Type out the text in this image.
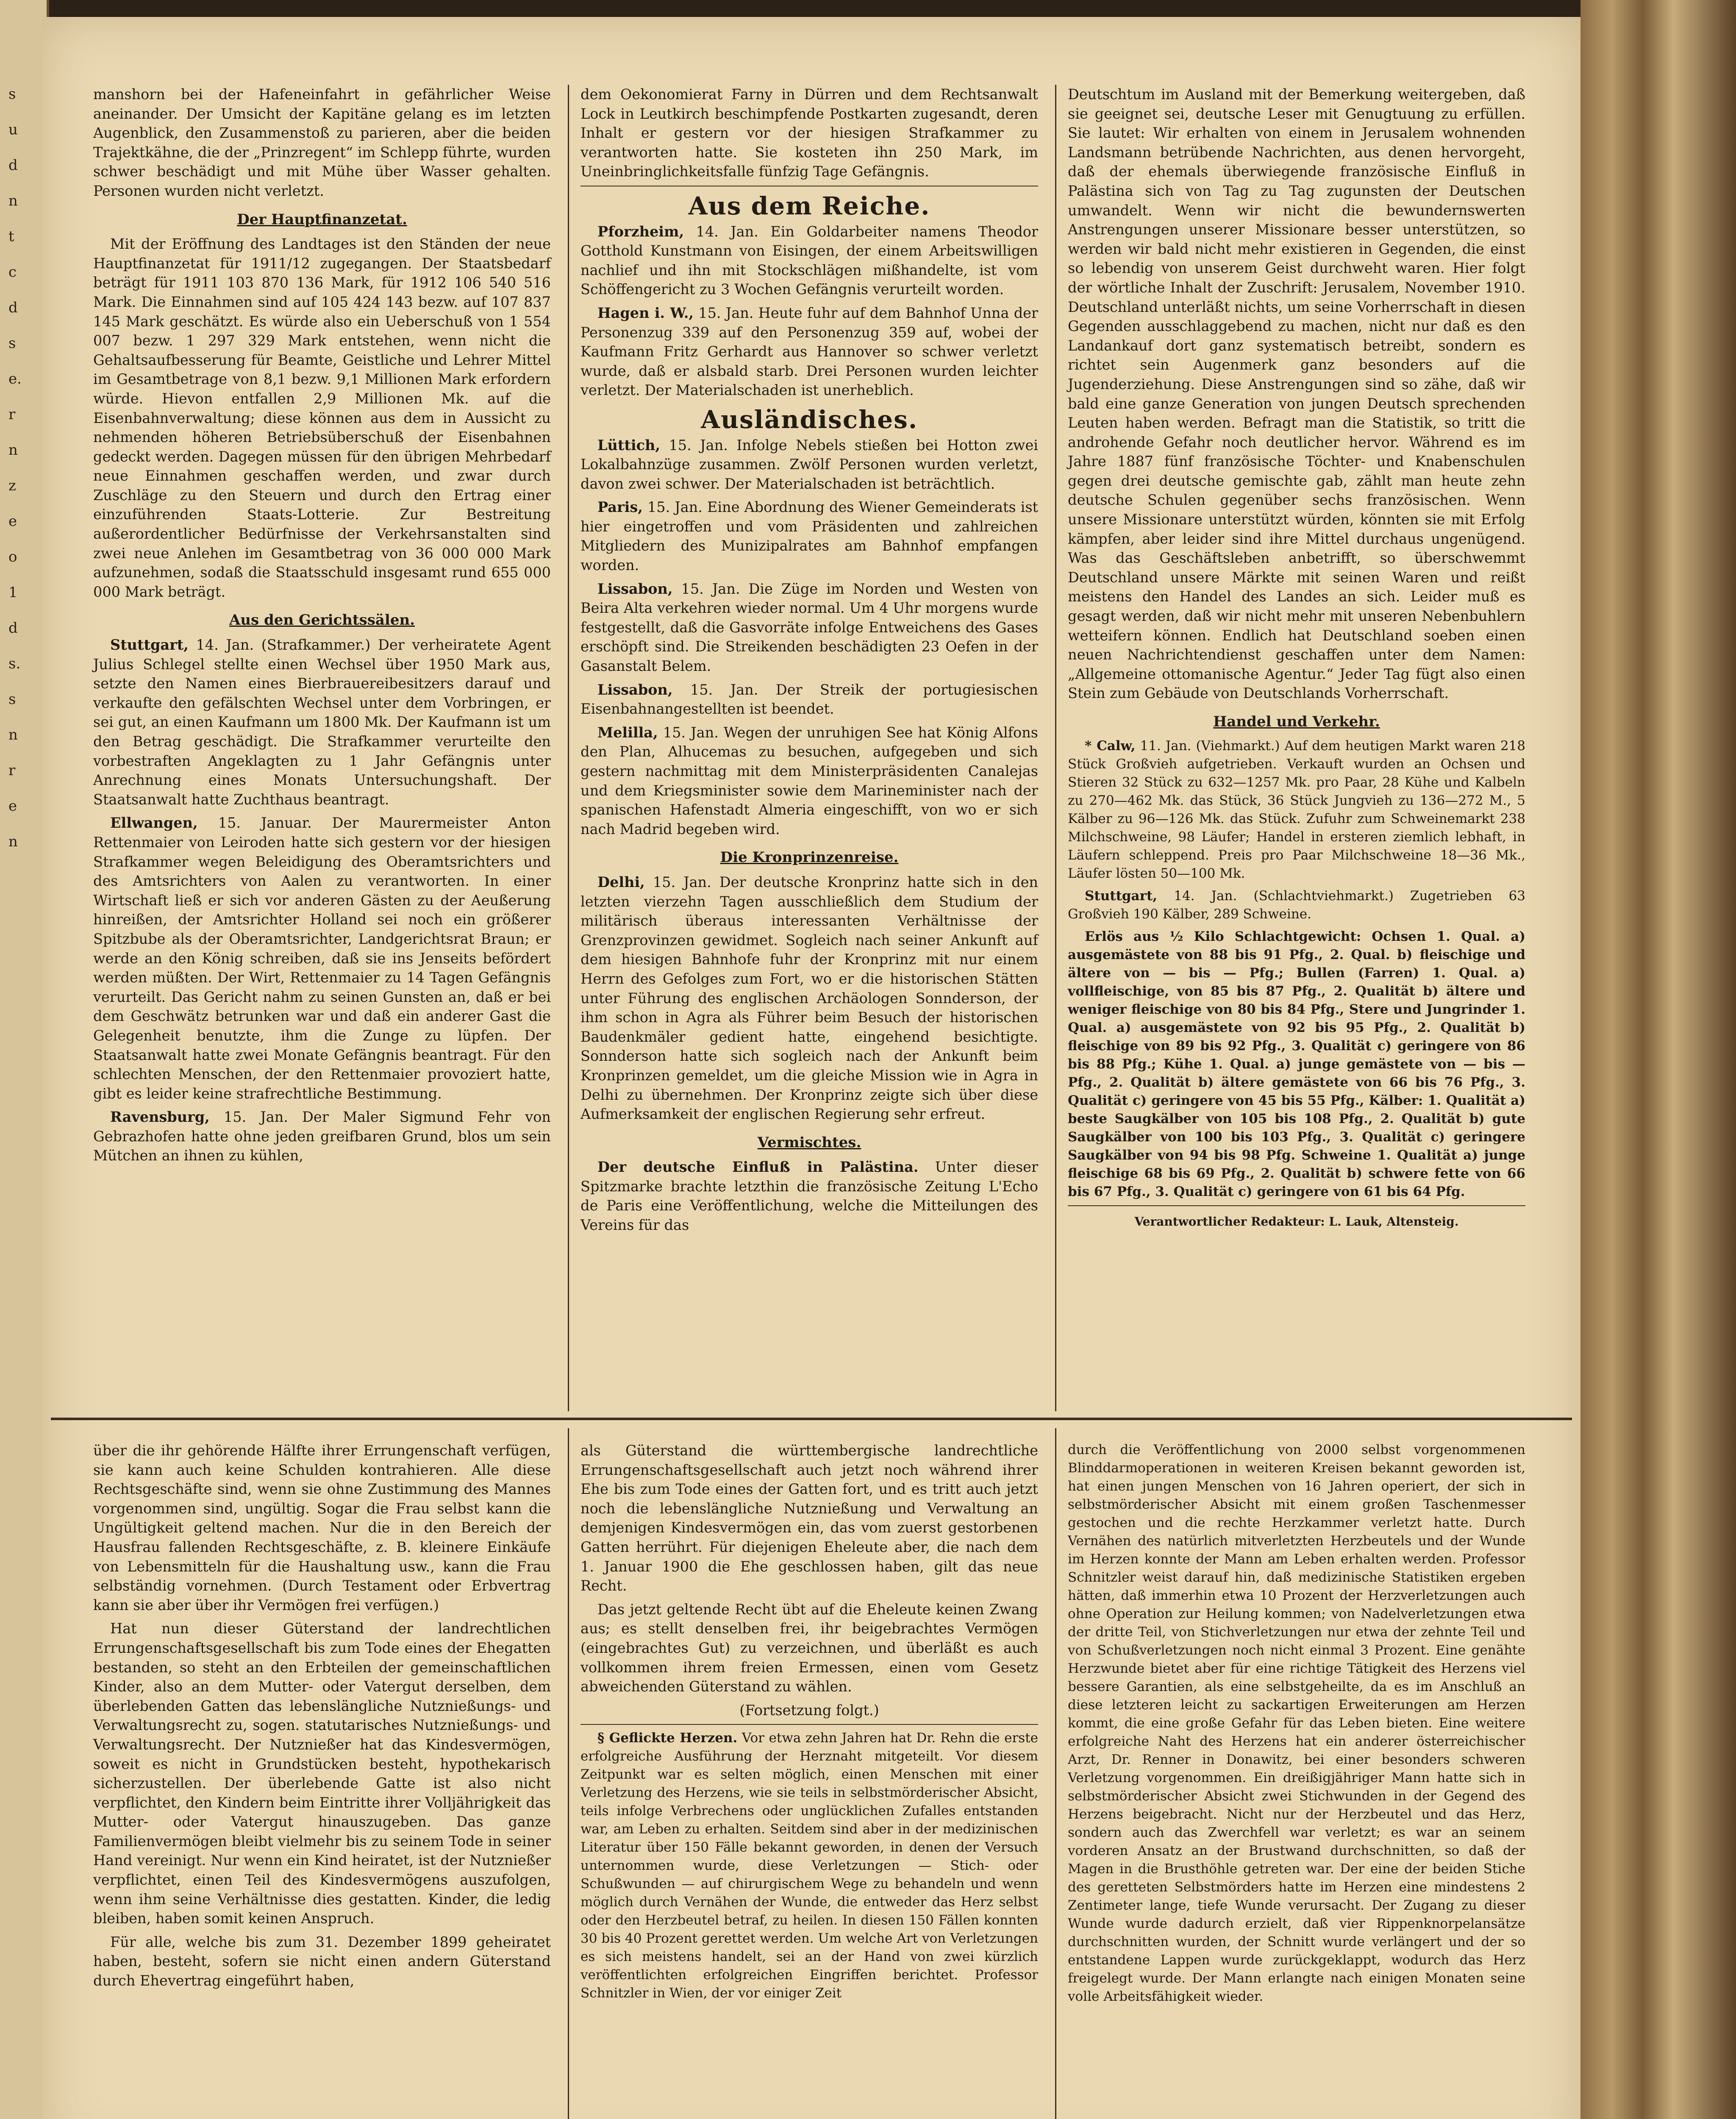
s
u
d
n
t
c
d
s
e.
r
n
z
e
o
1
d
s.
s
n
r
e
n

manshorn bei der Hafeneinfahrt in gefährlicher Weise aneinander. Der Umsicht der Kapitäne gelang es im letzten Augenblick, den Zusammenstoß zu parieren, aber die beiden Trajektkähne, die der „Prinzregent“ im Schlepp führte, wurden schwer beschädigt und mit Mühe über Wasser gehalten. Personen wurden nicht verletzt.

Der Hauptfinanzetat.

Mit der Eröffnung des Landtages ist den Ständen der neue Hauptfinanzetat für 1911/12 zugegangen. Der Staatsbedarf beträgt für 1911 103 870 136 Mark, für 1912 106 540 516 Mark. Die Einnahmen sind auf 105 424 143 bezw. auf 107 837 145 Mark geschätzt. Es würde also ein Ueberschuß von 1 554 007 bezw. 1 297 329 Mark entstehen, wenn nicht die Gehaltsaufbesserung für Beamte, Geistliche und Lehrer Mittel im Gesamtbetrage von 8,1 bezw. 9,1 Millionen Mark erfordern würde. Hievon entfallen 2,9 Millionen Mk. auf die Eisenbahnverwaltung; diese können aus dem in Aussicht zu nehmenden höheren Betriebsüberschuß der Eisenbahnen gedeckt werden. Dagegen müssen für den übrigen Mehrbedarf neue Einnahmen geschaffen werden, und zwar durch Zuschläge zu den Steuern und durch den Ertrag einer einzuführenden Staats-Lotterie. Zur Bestreitung außerordentlicher Bedürfnisse der Verkehrsanstalten sind zwei neue Anlehen im Gesamtbetrag von 36 000 000 Mark aufzunehmen, sodaß die Staatsschuld insgesamt rund 655 000 000 Mark beträgt.

Aus den Gerichtssälen.

Stuttgart, 14. Jan. (Strafkammer.) Der verheiratete Agent Julius Schlegel stellte einen Wechsel über 1950 Mark aus, setzte den Namen eines Bierbrauereibesitzers darauf und verkaufte den gefälschten Wechsel unter dem Vorbringen, er sei gut, an einen Kaufmann um 1800 Mk. Der Kaufmann ist um den Betrag geschädigt. Die Strafkammer verurteilte den vorbestraften Angeklagten zu 1 Jahr Gefängnis unter Anrechnung eines Monats Untersuchungshaft. Der Staatsanwalt hatte Zuchthaus beantragt.

Ellwangen, 15. Januar. Der Maurermeister Anton Rettenmaier von Leiroden hatte sich gestern vor der hiesigen Strafkammer wegen Beleidigung des Oberamtsrichters und des Amtsrichters von Aalen zu verantworten. In einer Wirtschaft ließ er sich vor anderen Gästen zu der Aeußerung hinreißen, der Amtsrichter Holland sei noch ein größerer Spitzbube als der Oberamtsrichter, Landgerichtsrat Braun; er werde an den König schreiben, daß sie ins Jenseits befördert werden müßten. Der Wirt, Rettenmaier zu 14 Tagen Gefängnis verurteilt. Das Gericht nahm zu seinen Gunsten an, daß er bei dem Geschwätz betrunken war und daß ein anderer Gast die Gelegenheit benutzte, ihm die Zunge zu lüpfen. Der Staatsanwalt hatte zwei Monate Gefängnis beantragt. Für den schlechten Menschen, der den Rettenmaier provoziert hatte, gibt es leider keine strafrechtliche Bestimmung.

Ravensburg, 15. Jan. Der Maler Sigmund Fehr von Gebrazhofen hatte ohne jeden greifbaren Grund, blos um sein Mütchen an ihnen zu kühlen,

dem Oekonomierat Farny in Dürren und dem Rechtsanwalt Lock in Leutkirch beschimpfende Postkarten zugesandt, deren Inhalt er gestern vor der hiesigen Strafkammer zu verantworten hatte. Sie kosteten ihn 250 Mark, im Uneinbringlichkeitsfalle fünfzig Tage Gefängnis.

Aus dem Reiche.

Pforzheim, 14. Jan. Ein Goldarbeiter namens Theodor Gotthold Kunstmann von Eisingen, der einem Arbeitswilligen nachlief und ihn mit Stockschlägen mißhandelte, ist vom Schöffengericht zu 3 Wochen Gefängnis verurteilt worden.

Hagen i. W., 15. Jan. Heute fuhr auf dem Bahnhof Unna der Personenzug 339 auf den Personenzug 359 auf, wobei der Kaufmann Fritz Gerhardt aus Hannover so schwer verletzt wurde, daß er alsbald starb. Drei Personen wurden leichter verletzt. Der Materialschaden ist unerheblich.

Ausländisches.

Lüttich, 15. Jan. Infolge Nebels stießen bei Hotton zwei Lokalbahnzüge zusammen. Zwölf Personen wurden verletzt, davon zwei schwer. Der Materialschaden ist beträchtlich.

Paris, 15. Jan. Eine Abordnung des Wiener Gemeinderats ist hier eingetroffen und vom Präsidenten und zahlreichen Mitgliedern des Munizipalrates am Bahnhof empfangen worden.

Lissabon, 15. Jan. Die Züge im Norden und Westen von Beira Alta verkehren wieder normal. Um 4 Uhr morgens wurde festgestellt, daß die Gasvorräte infolge Entweichens des Gases erschöpft sind. Die Streikenden beschädigten 23 Oefen in der Gasanstalt Belem.

Lissabon, 15. Jan. Der Streik der portugiesischen Eisenbahnangestellten ist beendet.

Melilla, 15. Jan. Wegen der unruhigen See hat König Alfons den Plan, Alhucemas zu besuchen, aufgegeben und sich gestern nachmittag mit dem Ministerpräsidenten Canalejas und dem Kriegsminister sowie dem Marineminister nach der spanischen Hafenstadt Almeria eingeschifft, von wo er sich nach Madrid begeben wird.

Die Kronprinzenreise.

Delhi, 15. Jan. Der deutsche Kronprinz hatte sich in den letzten vierzehn Tagen ausschließlich dem Studium der militärisch überaus interessanten Verhältnisse der Grenzprovinzen gewidmet. Sogleich nach seiner Ankunft auf dem hiesigen Bahnhofe fuhr der Kronprinz mit nur einem Herrn des Gefolges zum Fort, wo er die historischen Stätten unter Führung des englischen Archäologen Sonnderson, der ihm schon in Agra als Führer beim Besuch der historischen Baudenkmäler gedient hatte, eingehend besichtigte. Sonnderson hatte sich sogleich nach der Ankunft beim Kronprinzen gemeldet, um die gleiche Mission wie in Agra in Delhi zu übernehmen. Der Kronprinz zeigte sich über diese Aufmerksamkeit der englischen Regierung sehr erfreut.

Vermischtes.

Der deutsche Einfluß in Palästina. Unter dieser Spitzmarke brachte letzthin die französische Zeitung L'Echo de Paris eine Veröffentlichung, welche die Mitteilungen des Vereins für das

Deutschtum im Ausland mit der Bemerkung weitergeben, daß sie geeignet sei, deutsche Leser mit Genugtuung zu erfüllen. Sie lautet: Wir erhalten von einem in Jerusalem wohnenden Landsmann betrübende Nachrichten, aus denen hervorgeht, daß der ehemals überwiegende französische Einfluß in Palästina sich von Tag zu Tag zugunsten der Deutschen umwandelt. Wenn wir nicht die bewundernswerten Anstrengungen unserer Missionare besser unterstützen, so werden wir bald nicht mehr existieren in Gegenden, die einst so lebendig von unserem Geist durchweht waren. Hier folgt der wörtliche Inhalt der Zuschrift: Jerusalem, November 1910. Deutschland unterläßt nichts, um seine Vorherrschaft in diesen Gegenden ausschlaggebend zu machen, nicht nur daß es den Landankauf dort ganz systematisch betreibt, sondern es richtet sein Augenmerk ganz besonders auf die Jugenderziehung. Diese Anstrengungen sind so zähe, daß wir bald eine ganze Generation von jungen Deutsch sprechenden Leuten haben werden. Befragt man die Statistik, so tritt die androhende Gefahr noch deutlicher hervor. Während es im Jahre 1887 fünf französische Töchter- und Knabenschulen gegen drei deutsche gemischte gab, zählt man heute zehn deutsche Schulen gegenüber sechs französischen. Wenn unsere Missionare unterstützt würden, könnten sie mit Erfolg kämpfen, aber leider sind ihre Mittel durchaus ungenügend. Was das Geschäftsleben anbetrifft, so überschwemmt Deutschland unsere Märkte mit seinen Waren und reißt meistens den Handel des Landes an sich. Leider muß es gesagt werden, daß wir nicht mehr mit unseren Nebenbuhlern wetteifern können. Endlich hat Deutschland soeben einen neuen Nachrichtendienst geschaffen unter dem Namen: „Allgemeine ottomanische Agentur.“ Jeder Tag fügt also einen Stein zum Gebäude von Deutschlands Vorherrschaft.

Handel und Verkehr.

* Calw, 11. Jan. (Viehmarkt.) Auf dem heutigen Markt waren 218 Stück Großvieh aufgetrieben. Verkauft wurden an Ochsen und Stieren 32 Stück zu 632—1257 Mk. pro Paar, 28 Kühe und Kalbeln zu 270—462 Mk. das Stück, 36 Stück Jungvieh zu 136—272 M., 5 Kälber zu 96—126 Mk. das Stück. Zufuhr zum Schweinemarkt 238 Milchschweine, 98 Läufer; Handel in ersteren ziemlich lebhaft, in Läufern schleppend. Preis pro Paar Milchschweine 18—36 Mk., Läufer lösten 50—100 Mk.

Stuttgart, 14. Jan. (Schlachtviehmarkt.) Zugetrieben 63 Großvieh 190 Kälber, 289 Schweine.

Erlös aus ½ Kilo Schlachtgewicht: Ochsen 1. Qual. a) ausgemästete von 88 bis 91 Pfg., 2. Qual. b) fleischige und ältere von — bis — Pfg.; Bullen (Farren) 1. Qual. a) vollfleischige, von 85 bis 87 Pfg., 2. Qualität b) ältere und weniger fleischige von 80 bis 84 Pfg., Stere und Jungrinder 1. Qual. a) ausgemästete von 92 bis 95 Pfg., 2. Qualität b) fleischige von 89 bis 92 Pfg., 3. Qualität c) geringere von 86 bis 88 Pfg.; Kühe 1. Qual. a) junge gemästete von — bis — Pfg., 2. Qualität b) ältere gemästete von 66 bis 76 Pfg., 3. Qualität c) geringere von 45 bis 55 Pfg., Kälber: 1. Qualität a) beste Saugkälber von 105 bis 108 Pfg., 2. Qualität b) gute Saugkälber von 100 bis 103 Pfg., 3. Qualität c) geringere Saugkälber von 94 bis 98 Pfg. Schweine 1. Qualität a) junge fleischige 68 bis 69 Pfg., 2. Qualität b) schwere fette von 66 bis 67 Pfg., 3. Qualität c) geringere von 61 bis 64 Pfg.

Verantwortlicher Redakteur: L. Lauk, Altensteig.

über die ihr gehörende Hälfte ihrer Errungenschaft verfügen, sie kann auch keine Schulden kontrahieren. Alle diese Rechtsgeschäfte sind, wenn sie ohne Zustimmung des Mannes vorgenommen sind, ungültig. Sogar die Frau selbst kann die Ungültigkeit geltend machen. Nur die in den Bereich der Hausfrau fallenden Rechtsgeschäfte, z. B. kleinere Einkäufe von Lebensmitteln für die Haushaltung usw., kann die Frau selbständig vornehmen. (Durch Testament oder Erbvertrag kann sie aber über ihr Vermögen frei verfügen.)

Hat nun dieser Güterstand der landrechtlichen Errungenschaftsgesellschaft bis zum Tode eines der Ehegatten bestanden, so steht an den Erbteilen der gemeinschaftlichen Kinder, also an dem Mutter- oder Vatergut derselben, dem überlebenden Gatten das lebenslängliche Nutznießungs- und Verwaltungsrecht zu, sogen. statutarisches Nutznießungs- und Verwaltungsrecht. Der Nutznießer hat das Kindesvermögen, soweit es nicht in Grundstücken besteht, hypothekarisch sicherzustellen. Der überlebende Gatte ist also nicht verpflichtet, den Kindern beim Eintritte ihrer Volljährigkeit das Mutter- oder Vatergut hinauszugeben. Das ganze Familienvermögen bleibt vielmehr bis zu seinem Tode in seiner Hand vereinigt. Nur wenn ein Kind heiratet, ist der Nutznießer verpflichtet, einen Teil des Kindesvermögens auszufolgen, wenn ihm seine Verhältnisse dies gestatten. Kinder, die ledig bleiben, haben somit keinen Anspruch.

Für alle, welche bis zum 31. Dezember 1899 geheiratet haben, besteht, sofern sie nicht einen andern Güterstand durch Ehevertrag eingeführt haben,

als Güterstand die württembergische landrechtliche Errungenschaftsgesellschaft auch jetzt noch während ihrer Ehe bis zum Tode eines der Gatten fort, und es tritt auch jetzt noch die lebenslängliche Nutznießung und Verwaltung an demjenigen Kindesvermögen ein, das vom zuerst gestorbenen Gatten herrührt. Für diejenigen Eheleute aber, die nach dem 1. Januar 1900 die Ehe geschlossen haben, gilt das neue Recht.

Das jetzt geltende Recht übt auf die Eheleute keinen Zwang aus; es stellt denselben frei, ihr beigebrachtes Vermögen (eingebrachtes Gut) zu verzeichnen, und überläßt es auch vollkommen ihrem freien Ermessen, einen vom Gesetz abweichenden Güterstand zu wählen.

(Fortsetzung folgt.)

§ Geflickte Herzen. Vor etwa zehn Jahren hat Dr. Rehn die erste erfolgreiche Ausführung der Herznaht mitgeteilt. Vor diesem Zeitpunkt war es selten möglich, einen Menschen mit einer Verletzung des Herzens, wie sie teils in selbstmörderischer Absicht, teils infolge Verbrechens oder unglücklichen Zufalles entstanden war, am Leben zu erhalten. Seitdem sind aber in der medizinischen Literatur über 150 Fälle bekannt geworden, in denen der Versuch unternommen wurde, diese Verletzungen — Stich- oder Schußwunden — auf chirurgischem Wege zu behandeln und wenn möglich durch Vernähen der Wunde, die entweder das Herz selbst oder den Herzbeutel betraf, zu heilen. In diesen 150 Fällen konnten 30 bis 40 Prozent gerettet werden. Um welche Art von Verletzungen es sich meistens handelt, sei an der Hand von zwei kürzlich veröffentlichten erfolgreichen Eingriffen berichtet. Professor Schnitzler in Wien, der vor einiger Zeit

durch die Veröffentlichung von 2000 selbst vorgenommenen Blinddarmoperationen in weiteren Kreisen bekannt geworden ist, hat einen jungen Menschen von 16 Jahren operiert, der sich in selbstmörderischer Absicht mit einem großen Taschenmesser gestochen und die rechte Herzkammer verletzt hatte. Durch Vernähen des natürlich mitverletzten Herzbeutels und der Wunde im Herzen konnte der Mann am Leben erhalten werden. Professor Schnitzler weist darauf hin, daß medizinische Statistiken ergeben hätten, daß immerhin etwa 10 Prozent der Herzverletzungen auch ohne Operation zur Heilung kommen; von Nadelverletzungen etwa der dritte Teil, von Stichverletzungen nur etwa der zehnte Teil und von Schußverletzungen noch nicht einmal 3 Prozent. Eine genähte Herzwunde bietet aber für eine richtige Tätigkeit des Herzens viel bessere Garantien, als eine selbstgeheilte, da es im Anschluß an diese letzteren leicht zu sackartigen Erweiterungen am Herzen kommt, die eine große Gefahr für das Leben bieten. Eine weitere erfolgreiche Naht des Herzens hat ein anderer österreichischer Arzt, Dr. Renner in Donawitz, bei einer besonders schweren Verletzung vorgenommen. Ein dreißigjähriger Mann hatte sich in selbstmörderischer Absicht zwei Stichwunden in der Gegend des Herzens beigebracht. Nicht nur der Herzbeutel und das Herz, sondern auch das Zwerchfell war verletzt; es war an seinem vorderen Ansatz an der Brustwand durchschnitten, so daß der Magen in die Brusthöhle getreten war. Der eine der beiden Stiche des geretteten Selbstmörders hatte im Herzen eine mindestens 2 Zentimeter lange, tiefe Wunde verursacht. Der Zugang zu dieser Wunde wurde dadurch erzielt, daß vier Rippenknorpelansätze durchschnitten wurden, der Schnitt wurde verlängert und der so entstandene Lappen wurde zurückgeklappt, wodurch das Herz freigelegt wurde. Der Mann erlangte nach einigen Monaten seine volle Arbeitsfähigkeit wieder.
